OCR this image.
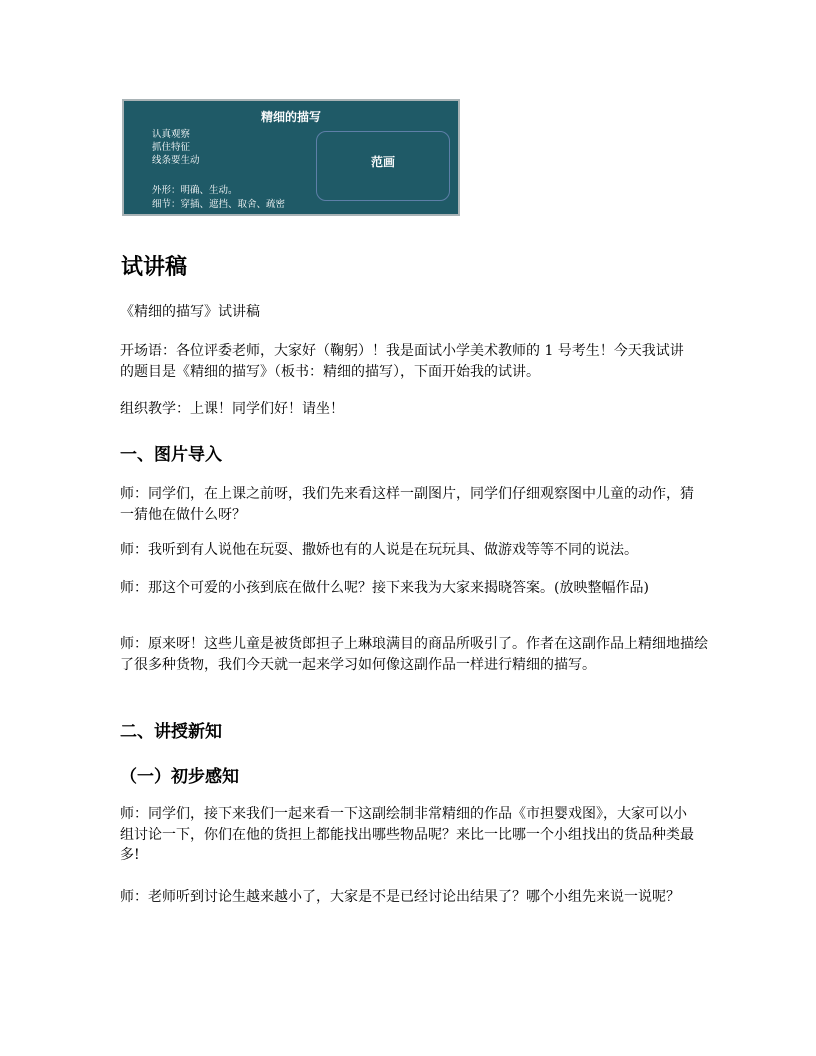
精细的描写
认真观察
抓住特征
线条要生动
外形：明确、生动。
细节：穿插、遮挡、取舍、疏密
范画
试讲稿
《精细的描写》试讲稿
开场语：各位评委老师，大家好（鞠躬）！我是面试小学美术教师的 1 号考生！今天我试讲的题目是《精细的描写》（板书：精细的描写），下面开始我的试讲。
组织教学：上课！同学们好！请坐！
一、图片导入
师：同学们，在上课之前呀，我们先来看这样一副图片，同学们仔细观察图中儿童的动作，猜一猜他在做什么呀？
师：我听到有人说他在玩耍、撒娇也有的人说是在玩玩具、做游戏等等不同的说法。
师：那这个可爱的小孩到底在做什么呢？接下来我为大家来揭晓答案。(放映整幅作品)
师：原来呀！这些儿童是被货郎担子上琳琅满目的商品所吸引了。作者在这副作品上精细地描绘了很多种货物，我们今天就一起来学习如何像这副作品一样进行精细的描写。
二、讲授新知
（一）初步感知
师：同学们，接下来我们一起来看一下这副绘制非常精细的作品《市担婴戏图》，大家可以小组讨论一下，你们在他的货担上都能找出哪些物品呢？来比一比哪一个小组找出的货品种类最多!
师：老师听到讨论生越来越小了，大家是不是已经讨论出结果了？哪个小组先来说一说呢？
